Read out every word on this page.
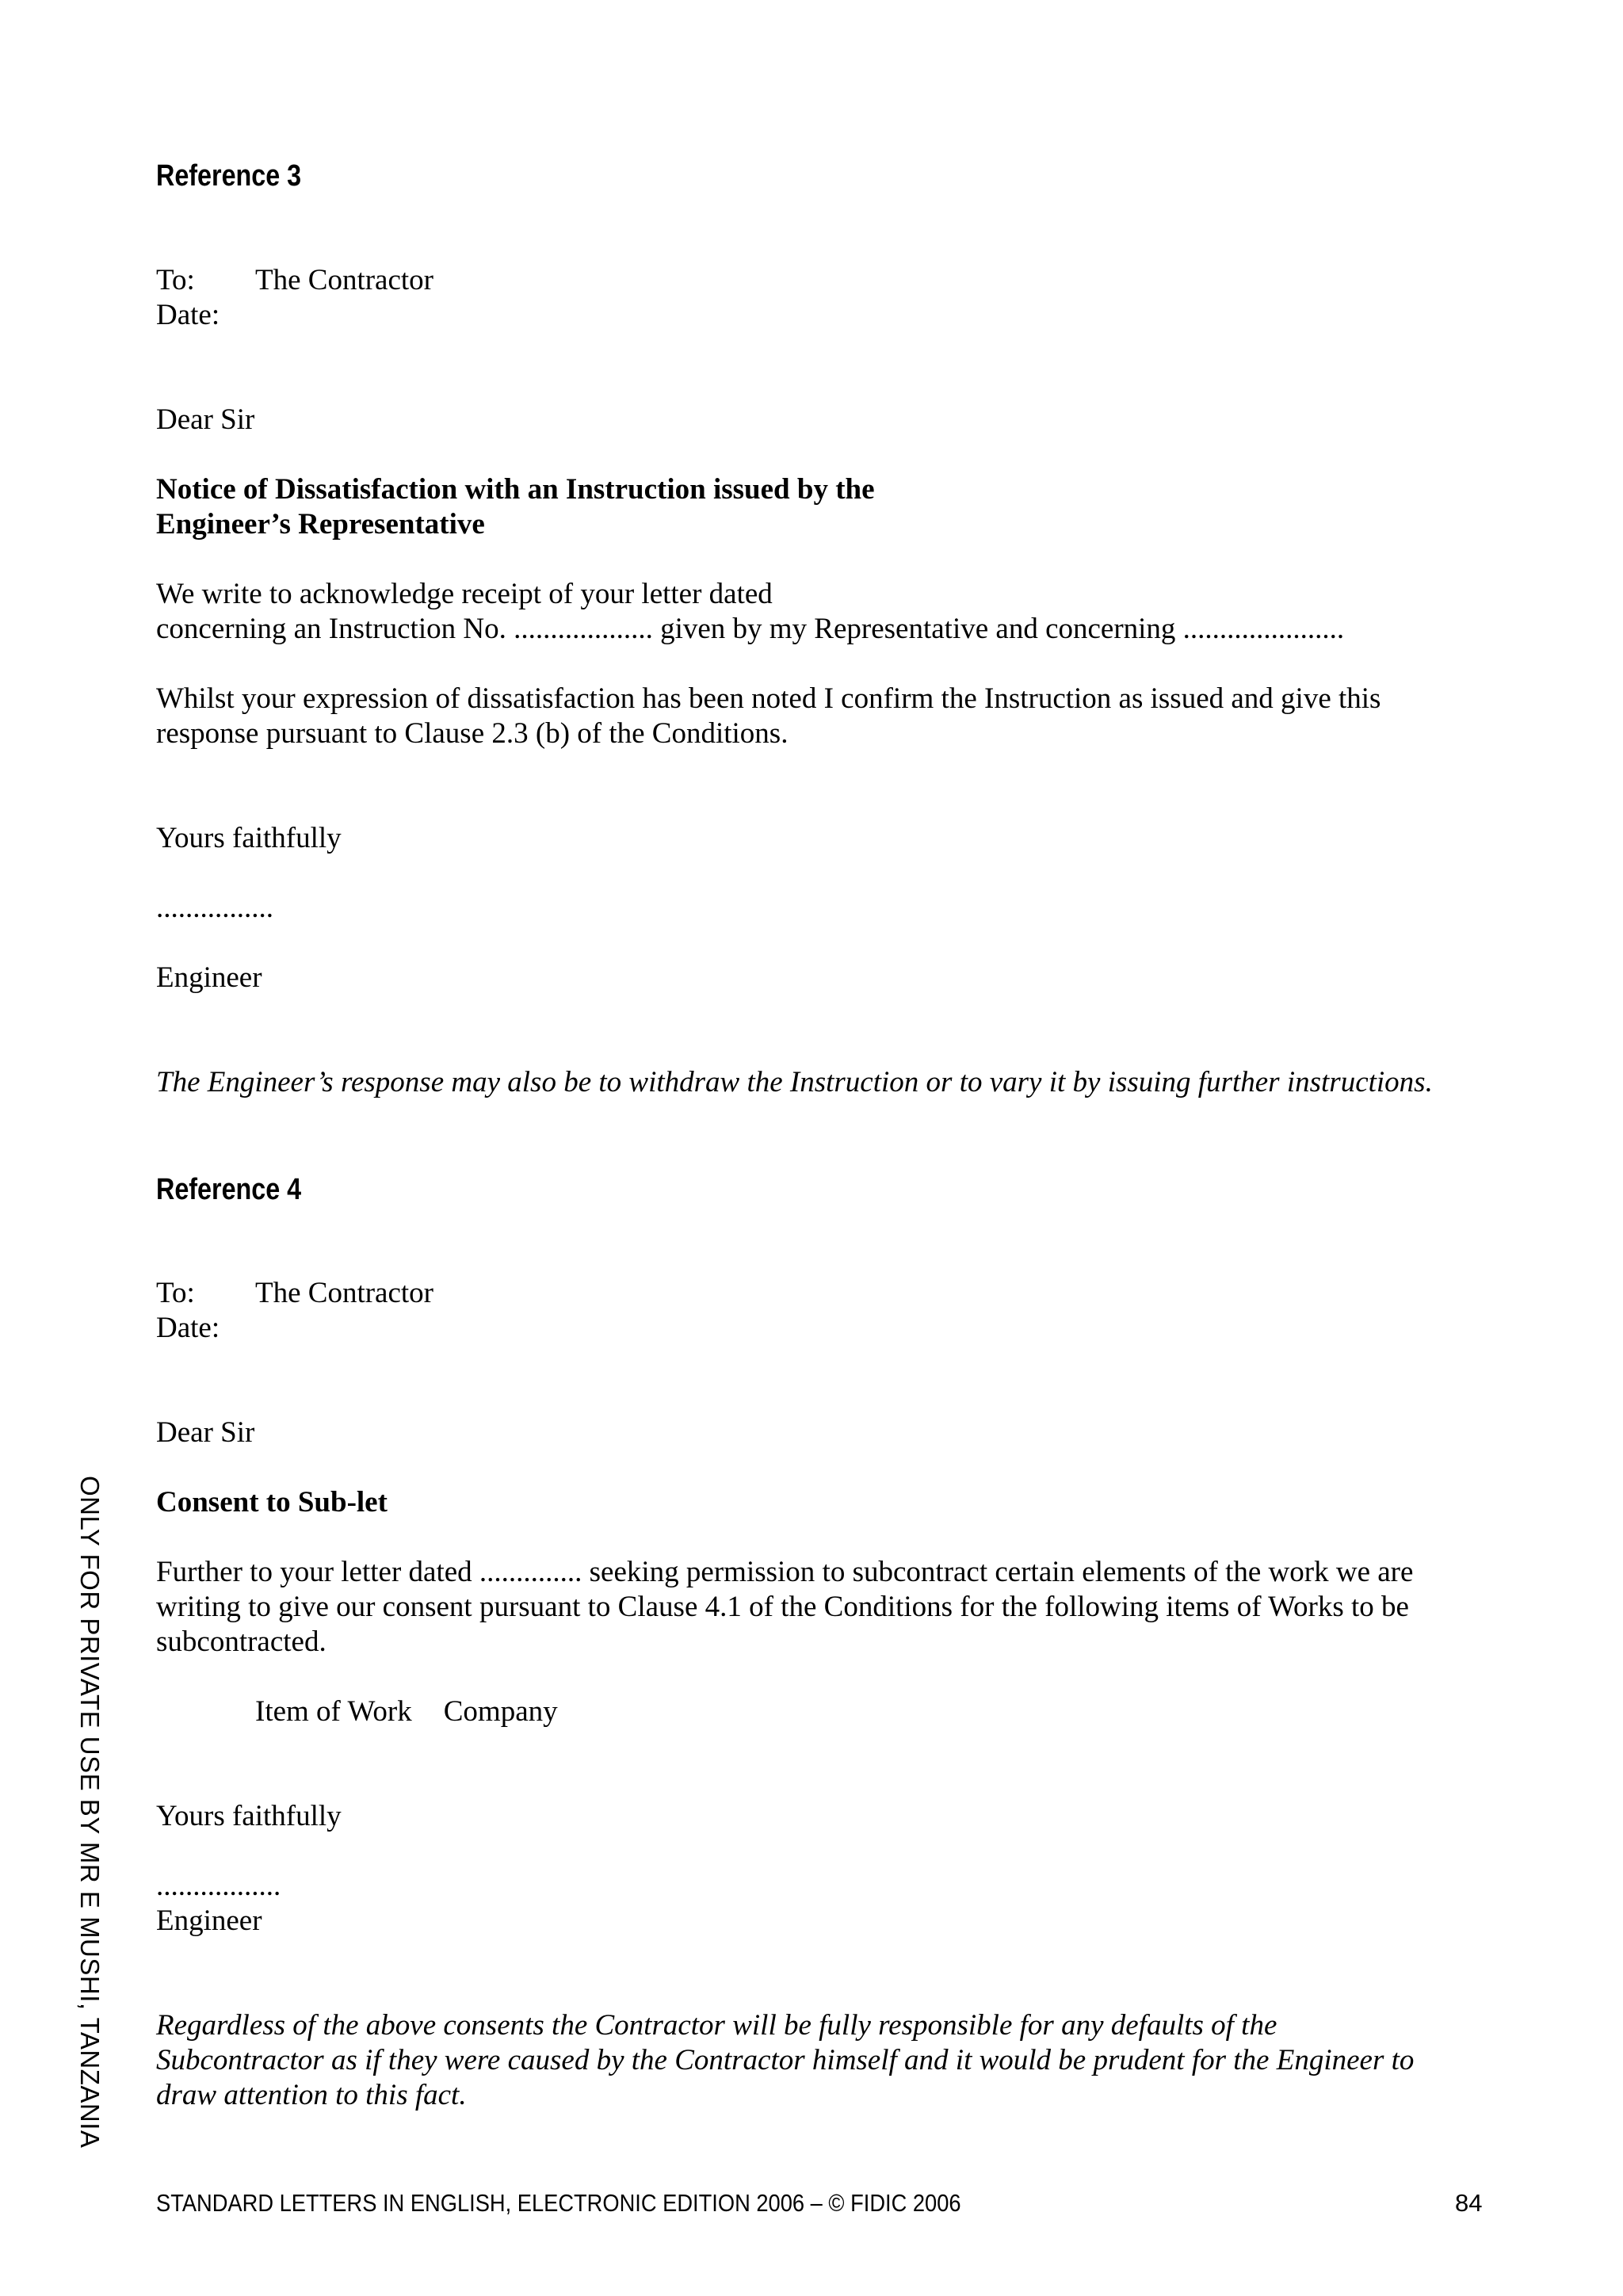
Reference 3
To: The Contractor
Date:
Dear Sir
Notice of Dissatisfaction with an Instruction issued by the
Engineer’s Representative
We write to acknowledge receipt of your letter dated
concerning an Instruction No. ................... given by my Representative and concerning ......................
Whilst your expression of dissatisfaction has been noted I confirm the Instruction as issued and give this
response pursuant to Clause 2.3 (b) of the Conditions.
Yours faithfully
................
Engineer
The Engineer’s response may also be to withdraw the Instruction or to vary it by issuing further instructions.
Reference 4
To: The Contractor
Date:
Dear Sir
Consent to Sub-let
Further to your letter dated .............. seeking permission to subcontract certain elements of the work we are
writing to give our consent pursuant to Clause 4.1 of the Conditions for the following items of Works to be
subcontracted.
Item of Work Company
Yours faithfully
.................
Engineer
Regardless of the above consents the Contractor will be fully responsible for any defaults of the
Subcontractor as if they were caused by the Contractor himself and it would be prudent for the Engineer to
draw attention to this fact.
ONLY FOR PRIVATE USE BY MR E MUSHI, TANZANIA
STANDARD LETTERS IN ENGLISH, ELECTRONIC EDITION 2006 – © FIDIC 2006	84
